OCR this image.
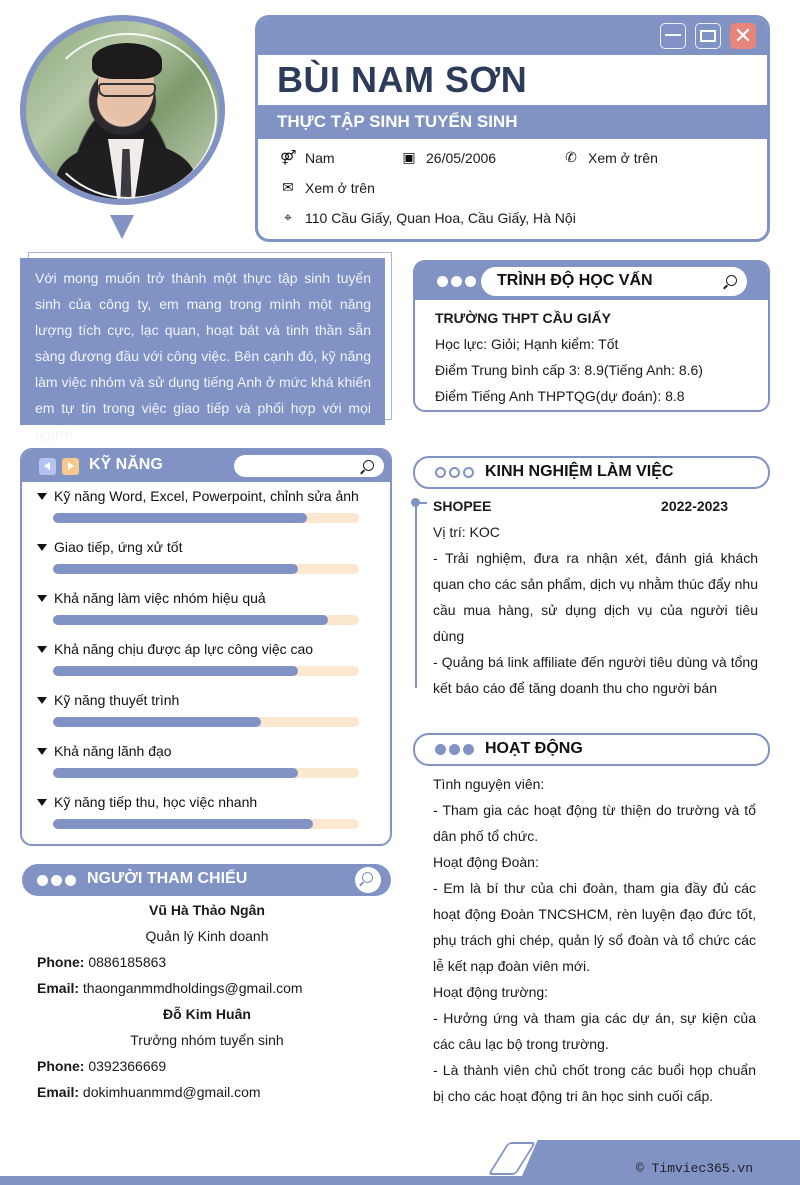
✕
BÙI NAM SƠN
THỰC TẬP SINH TUYỂN SINH
⚤ Nam	▣ 26/05/2006	✆ Xem ở trên
✉ Xem ở trên
⌖ 110 Cầu Giấy, Quan Hoa, Cầu Giấy, Hà Nội
Với mong muốn trở thành một thực tập sinh tuyển sinh của công ty, em mang trong mình một năng lượng tích cực, lạc quan, hoạt bát và tinh thần sẵn sàng đương đầu với công việc. Bên cạnh đó, kỹ năng làm việc nhóm và sử dụng tiếng Anh ở mức khá khiến em tự tin trong việc giao tiếp và phối hợp với mọi người.
TRÌNH ĐỘ HỌC VẤN
TRƯỜNG THPT CẦU GIẤY
Học lực: Giỏi; Hạnh kiểm: Tốt
Điểm Trung bình cấp 3: 8.9(Tiếng Anh: 8.6)
Điểm Tiếng Anh THPTQG(dự đoán): 8.8
KỸ NĂNG
Kỹ năng Word, Excel, Powerpoint, chỉnh sửa ảnh
Giao tiếp, ứng xử tốt
Khả năng làm việc nhóm hiệu quả
Khả năng chịu được áp lực công việc cao
Kỹ năng thuyết trình
Khả năng lãnh đạo
Kỹ năng tiếp thu, học việc nhanh
NGƯỜI THAM CHIẾU
Vũ Hà Thảo Ngân
Quản lý Kinh doanh
Phone: 0886185863
Email: thaonganmmdholdings@gmail.com
Đỗ Kim Huân
Trưởng nhóm tuyển sinh
Phone: 0392366669
Email: dokimhuanmmd@gmail.com
KINH NGHIỆM LÀM VIỆC
SHOPEE	2022-2023
Vị trí: KOC
- Trải nghiệm, đưa ra nhận xét, đánh giá khách quan cho các sản phẩm, dịch vụ nhằm thúc đẩy nhu cầu mua hàng, sử dụng dịch vụ của người tiêu dùng
- Quảng bá link affiliate đến người tiêu dùng và tổng kết báo cáo để tăng doanh thu cho người bán
HOẠT ĐỘNG
Tình nguyện viên:
- Tham gia các hoạt động từ thiện do trường và tổ dân phố tổ chức.
Hoạt động Đoàn:
- Em là bí thư của chi đoàn, tham gia đầy đủ các hoạt động Đoàn TNCSHCM, rèn luyện đạo đức tốt, phụ trách ghi chép, quản lý sổ đoàn và tổ chức các lễ kết nạp đoàn viên mới.
Hoạt động trường:
- Hưởng ứng và tham gia các dự án, sự kiện của các câu lạc bộ trong trường.
- Là thành viên chủ chốt trong các buổi họp chuẩn bị cho các hoạt động tri ân học sinh cuối cấp.
© Timviec365.vn
